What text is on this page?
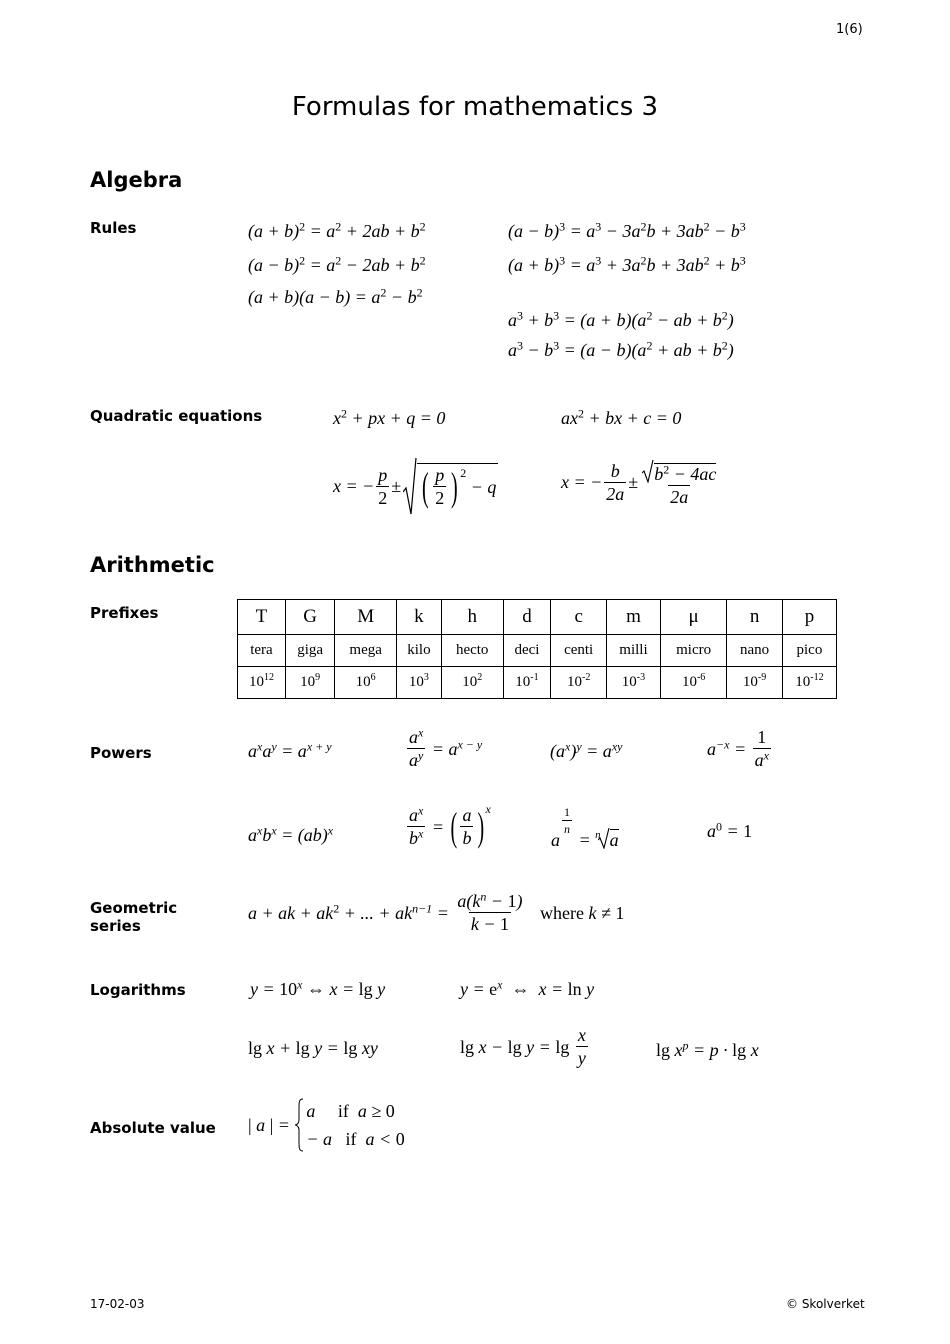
1(6)
Formulas for mathematics 3
Algebra
Rules	$(a + b)^2 = a^2 + 2ab + b^2$
$(a - b)^2 = a^2 - 2ab + b^2$
$(a + b)(a - b) = a^2 - b^2$
$(a - b)^3 = a^3 - 3a^2b + 3ab^2 - b^3$
$(a + b)^3 = a^3 + 3a^2b + 3ab^2 + b^3$
$a^3 + b^3 = (a + b)(a^2$ − ab + $b^2$)
$a^3 - b^3 = (a - b)(a^2$ + ab + $b^2$)
Quadratic equations	$x^2$ + px + q = 0	$ax^2$ + bx + c = 0
x = − $\frac{p}{2}$ ± ( $\frac{p}{2} )^2$
− q	x = − $\frac{b}{2a} \pm \frac{b^2 - 4ac}{2a}$
Arithmetic
Prefixes	T	G	M	k	h	d	c	m	μ	n	p
tera	giga	mega	kilo	hecto	deci	centi	milli	micro	nano	pico
$10^{12}$	$10^9$	$10^6$	$10^3$	$10^2$	$10^{-1}$	$10^{-2}$	$10^{-3}$	$10^{-6}$	$10^{-9}$	$10^{-12}$
Powers	$a^xa^y = a^{x + y}$	$\frac{a^x}{a^y} = a^{x - y}$	$(a^x)^y = a^{xy}$	$a^{-x} = \frac{1}{a^x}$
$a^xb^x = (ab)^x$	$\frac{a^x}{b^x}$ = ( $\frac{a}{b} )^x$
a
$\frac{1}{n}$
= n a	$a^0 = 1$
Geometric
series
a + ak + $ak^2$ + ... + $ak^{n-1} = \frac{a(k^n - 1)}{k - 1}$
where k ≠ 1
Logarithms	$y = 10^x$ ⇔ x = lg y	$y = e^x$ ⇔  x = ln y
lg x + lg y = lg xy	$\lg x - \lg y = \lg \frac{x}{y}$	$\lg x^p = p \cdot \lg x$
Absolute value | a | =
a     if  a ≥ 0
− a   if  a < 0
17-02-03	© Skolverket
